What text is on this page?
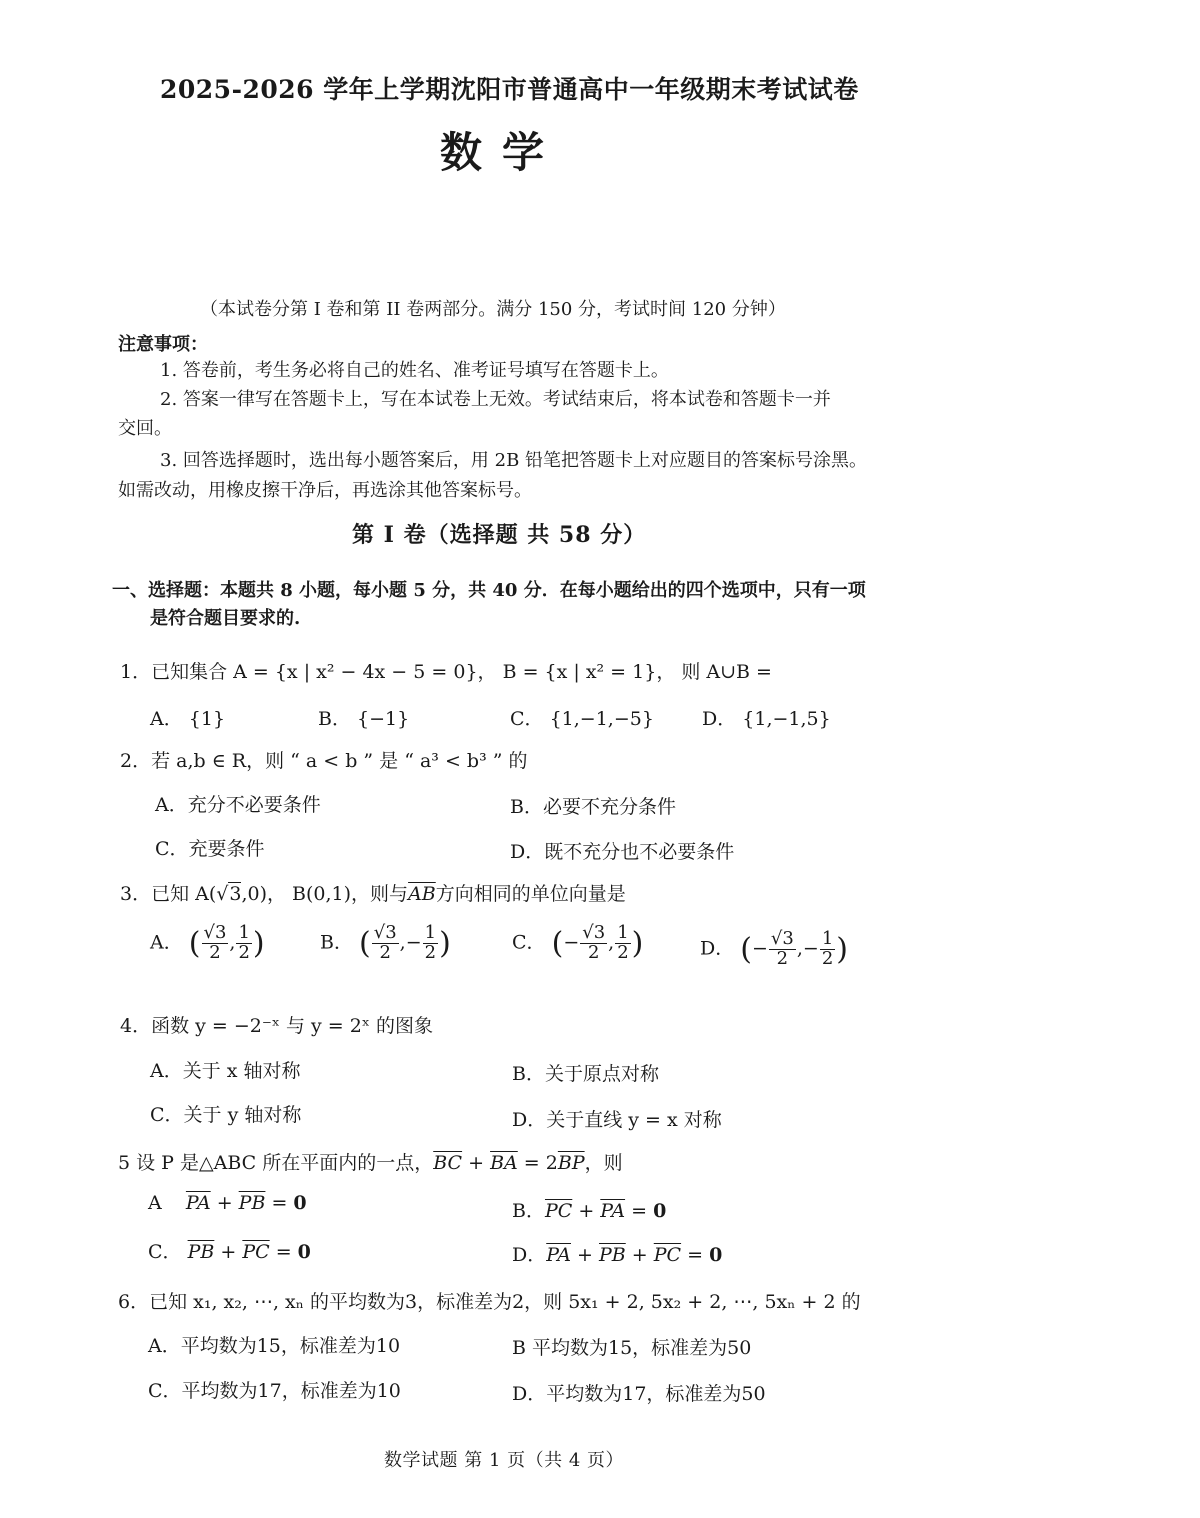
2025-2026 学年上学期沈阳市普通高中一年级期末考试试卷
数学
（本试卷分第 I 卷和第 II 卷两部分。满分 150 分，考试时间 120 分钟）
注意事项：
1. 答卷前，考生务必将自己的姓名、准考证号填写在答题卡上。
2. 答案一律写在答题卡上，写在本试卷上无效。考试结束后，将本试卷和答题卡一并
交回。
3. 回答选择题时，选出每小题答案后，用 2B 铅笔把答题卡上对应题目的答案标号涂黑。
如需改动，用橡皮擦干净后，再选涂其他答案标号。
第 I 卷（选择题 共 58 分）
一、选择题：本题共 8 小题，每小题 5 分，共 40 分．在每小题给出的四个选项中，只有一项
是符合题目要求的.
1．已知集合 A = {x | x² − 4x − 5 = 0}， B = {x | x² = 1}， 则 A∪B =
A． {1}	B． {−1}	C． {1,−1,−5}	D． {1,−1,5}
2．若 a,b ∈ R，则 “ a < b ” 是 “ a³ < b³ ” 的
A．充分不必要条件	B．必要不充分条件
C．充要条件	D．既不充分也不必要条件
3．已知 A(√3,0)， B(0,1)，则与$\overline{AB}$方向相同的单位向量是
A． ( $\frac{√3}{2}$ , $\frac{1}{2}$ )	B． ( $\frac{√3}{2}$ ,− $\frac{1}{2}$ )	C． (− $\frac{√3}{2}$ , $\frac{1}{2}$ )	D． (− $\frac{√3}{2}$ ,− $\frac{1}{2}$ )
4．函数 y = −2⁻ˣ 与 y = 2ˣ 的图象
A．关于 x 轴对称	B．关于原点对称
C．关于 y 轴对称	D．关于直线 y = x 对称
5 设 P 是△ABC 所在平面内的一点，$\overline{BC} + \overline{BA} = 2\overline{BP}$，则
A $\overline{PA} + \overline{PB} = 0$	B．$\overline{PC} + \overline{PA} = 0$
C． $\overline{PB} + \overline{PC} = 0$	D．$\overline{PA} + \overline{PB} + \overline{PC} = 0$
6．已知 x₁, x₂, ⋯, xₙ 的平均数为3，标准差为2，则 5x₁ + 2, 5x₂ + 2, ⋯, 5xₙ + 2 的
A．平均数为15，标准差为10	B 平均数为15，标准差为50
C．平均数为17，标准差为10	D．平均数为17，标准差为50
数学试题 第 1 页（共 4 页）
